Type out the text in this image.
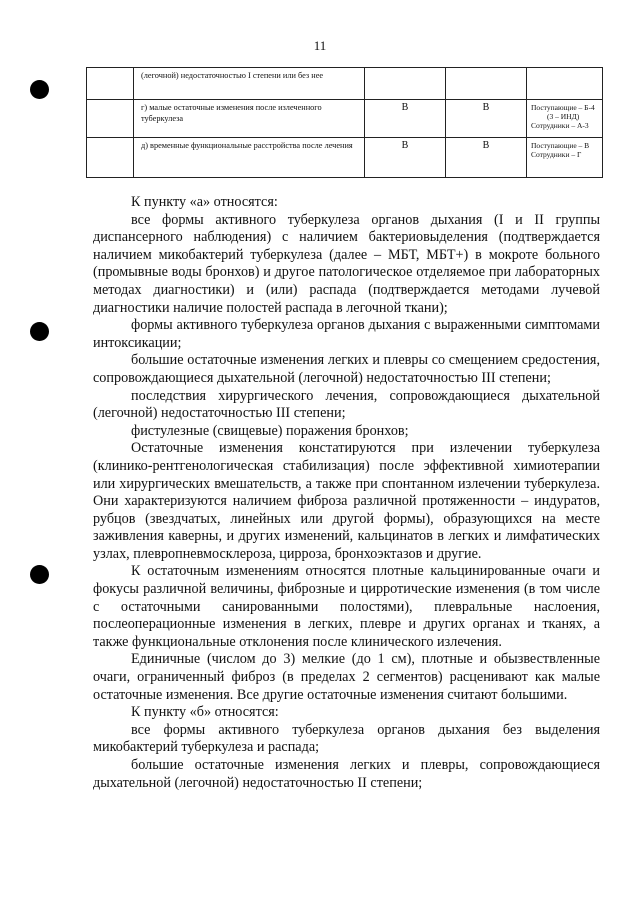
11
	(легочной) недостаточностью I степени или без нее			
	г) малые остаточные изменения после излеченного туберкулеза	В	В	Поступающие – Б-4
(3 – ИНД)
Сотрудники – А-3

	д) временные функциональные расстройства после лечения	В	В	Поступающие – В
Сотрудники – Г

К пункту «а» относятся:

все формы активного туберкулеза органов дыхания (I и II группы диспансерного наблюдения) с наличием бактериовыделения (подтверждается наличием микобактерий туберкулеза (далее – МБТ, МБТ+) в мокроте больного (промывные воды бронхов) и другое патологическое отделяемое при лабораторных методах диагностики) и (или) распада (подтверждается методами лучевой диагностики наличие полостей распада в легочной ткани);

формы активного туберкулеза органов дыхания с выраженными симптомами интоксикации;

большие остаточные изменения легких и плевры со смещением средостения, сопровождающиеся дыхательной (легочной) недостаточностью III степени;

последствия хирургического лечения, сопровождающиеся дыхательной (легочной) недостаточностью III степени;

фистулезные (свищевые) поражения бронхов;

Остаточные изменения констатируются при излечении туберкулеза (клинико-рентгенологическая стабилизация) после эффективной химиотерапии или хирургических вмешательств, а также при спонтанном излечении туберкулеза. Они характеризуются наличием фиброза различной протяженности – индуратов, рубцов (звездчатых, линейных или другой формы), образующихся на месте заживления каверны, и других изменений, кальцинатов в легких и лимфатических узлах, плевропневмосклероза, цирроза, бронхоэктазов и другие.

К остаточным изменениям относятся плотные кальцинированные очаги и фокусы различной величины, фиброзные и цирротические изменения (в том числе с остаточными санированными полостями), плевральные наслоения, послеоперационные изменения в легких, плевре и других органах и тканях, а также функциональные отклонения после клинического излечения.

Единичные (числом до 3) мелкие (до 1 см), плотные и обызвествленные очаги, ограниченный фиброз (в пределах 2 сегментов) расценивают как малые остаточные изменения. Все другие остаточные изменения считают большими.

К пункту «б» относятся:

все формы активного туберкулеза органов дыхания без выделения микобактерий туберкулеза и распада;

большие остаточные изменения легких и плевры, сопровождающиеся дыхательной (легочной) недостаточностью II степени;
